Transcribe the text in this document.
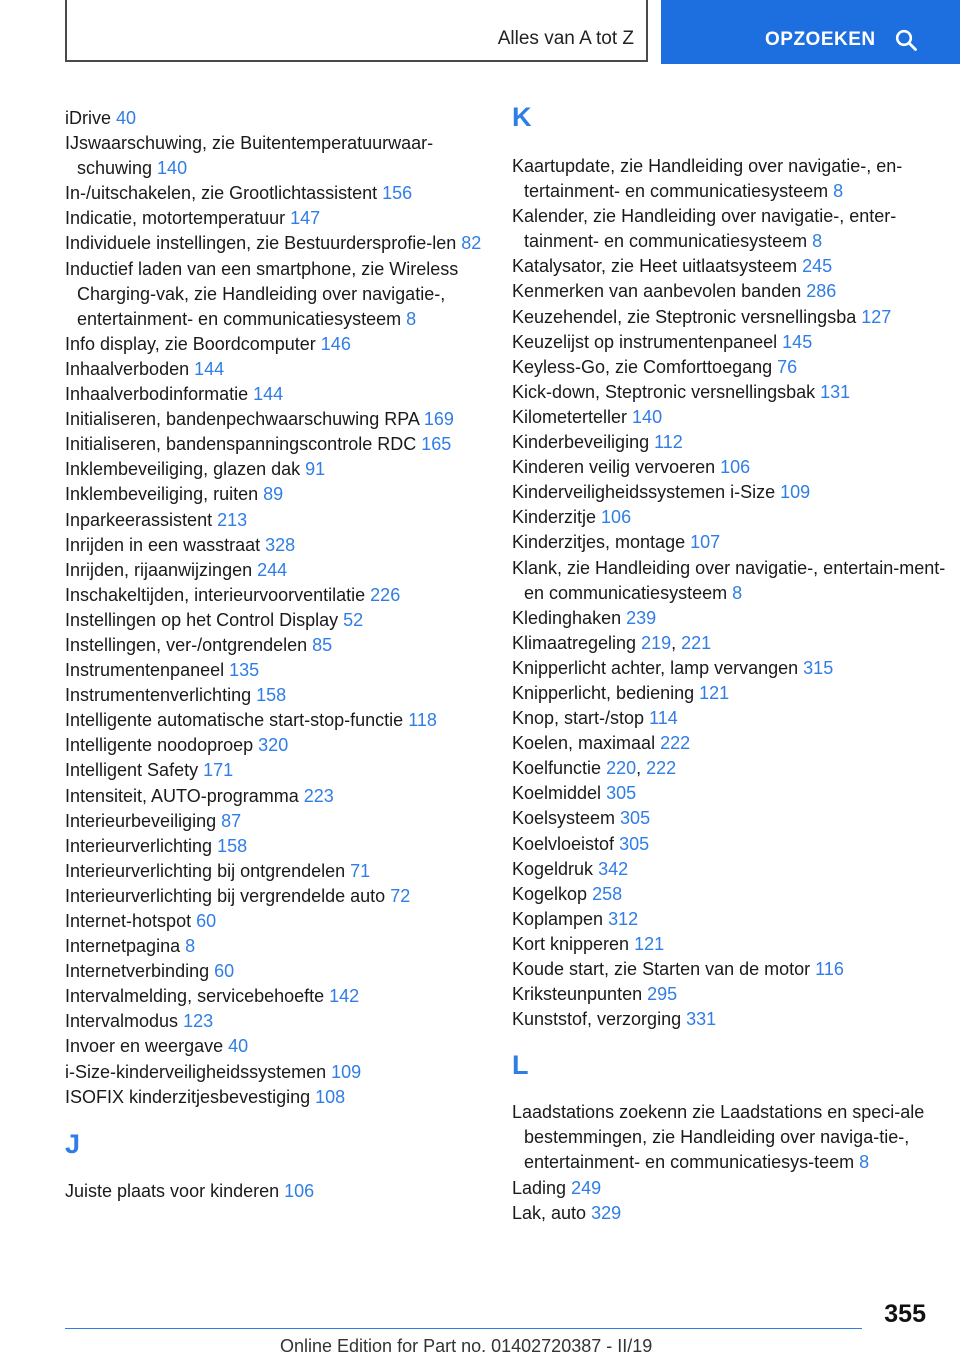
Alles van A tot Z	OPZOEKEN
iDrive 40
IJswaarschuwing, zie Buitentemperatuurwaar-schuwing 140
In-/uitschakelen, zie Grootlichtassistent 156
Indicatie, motortemperatuur 147
Individuele instellingen, zie Bestuurdersprofie-len 82
Inductief laden van een smartphone, zie Wireless Charging-vak, zie Handleiding over navigatie-, entertainment- en communicatiesysteem 8
Info display, zie Boordcomputer 146
Inhaalverboden 144
Inhaalverbodinformatie 144
Initialiseren, bandenpechwaarschuwing RPA 169
Initialiseren, bandenspanningscontrole RDC 165
Inklembeveiliging, glazen dak 91
Inklembeveiliging, ruiten 89
Inparkeerassistent 213
Inrijden in een wasstraat 328
Inrijden, rijaanwijzingen 244
Inschakeltijden, interieurvoorventilatie 226
Instellingen op het Control Display 52
Instellingen, ver-/ontgrendelen 85
Instrumentenpaneel 135
Instrumentenverlichting 158
Intelligente automatische start-stop-functie 118
Intelligente noodoproep 320
Intelligent Safety 171
Intensiteit, AUTO-programma 223
Interieurbeveiliging 87
Interieurverlichting 158
Interieurverlichting bij ontgrendelen 71
Interieurverlichting bij vergrendelde auto 72
Internet-hotspot 60
Internetpagina 8
Internetverbinding 60
Intervalmelding, servicebehoefte 142
Intervalmodus 123
Invoer en weergave 40
i-Size-kinderveiligheidssystemen 109
ISOFIX kinderzitjesbevestiging 108
J
Juiste plaats voor kinderen 106
K
Kaartupdate, zie Handleiding over navigatie-, en-tertainment- en communicatiesysteem 8
Kalender, zie Handleiding over navigatie-, enter-tainment- en communicatiesysteem 8
Katalysator, zie Heet uitlaatsysteem 245
Kenmerken van aanbevolen banden 286
Keuzehendel, zie Steptronic versnellingsba 127
Keuzelijst op instrumentenpaneel 145
Keyless-Go, zie Comforttoegang 76
Kick-down, Steptronic versnellingsbak 131
Kilometerteller 140
Kinderbeveiliging 112
Kinderen veilig vervoeren 106
Kinderveiligheidssystemen i-Size 109
Kinderzitje 106
Kinderzitjes, montage 107
Klank, zie Handleiding over navigatie-, entertain-ment- en communicatiesysteem 8
Kledinghaken 239
Klimaatregeling 219, 221
Knipperlicht achter, lamp vervangen 315
Knipperlicht, bediening 121
Knop, start-/stop 114
Koelen, maximaal 222
Koelfunctie 220, 222
Koelmiddel 305
Koelsysteem 305
Koelvloeistof 305
Kogeldruk 342
Kogelkop 258
Koplampen 312
Kort knipperen 121
Koude start, zie Starten van de motor 116
Kriksteunpunten 295
Kunststof, verzorging 331
L
Laadstations zoekenn zie Laadstations en speci-ale bestemmingen, zie Handleiding over naviga-tie-, entertainment- en communicatiesys-teem 8
Lading 249
Lak, auto 329
355
Online Edition for Part no. 01402720387 - II/19
